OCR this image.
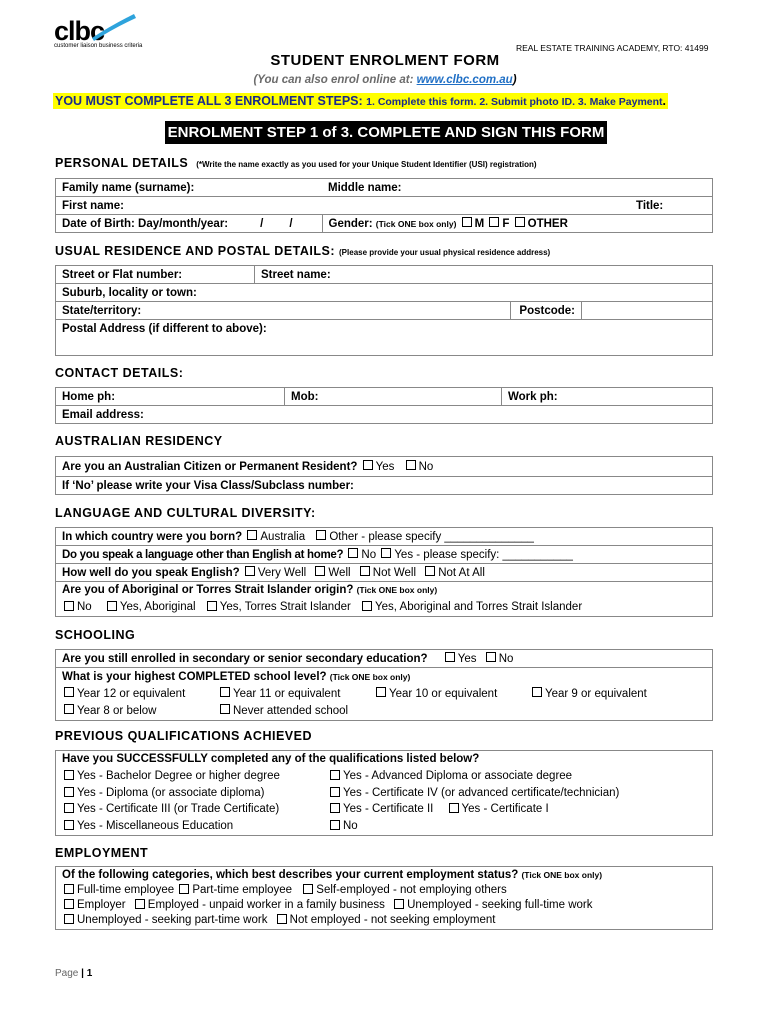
clbc
customer liaison business criteria	REAL ESTATE TRAINING ACADEMY, RTO: 41499
STUDENT ENROLMENT FORM
(You can also enrol online at: www.clbc.com.au)
YOU MUST COMPLETE ALL 3 ENROLMENT STEPS: 1. Complete this form. 2. Submit photo ID. 3. Make Payment.
ENROLMENT STEP 1 of 3. COMPLETE AND SIGN THIS FORM
PERSONAL DETAILS (*Write the name exactly as you used for your Unique Student Identifier (USI) registration)
Family name (surname):	Middle name:	
First name:		Title:
Date of Birth: Day/month/year: / /	Gender: (Tick ONE box only) M F OTHER	
USUAL RESIDENCE AND POSTAL DETAILS: (Please provide your usual physical residence address)
Street or Flat number:	Street name:		
Suburb, locality or town:			
State/territory:		Postcode:	
Postal Address (if different to above):			

CONTACT DETAILS:
Home ph:	Mob:	Work ph:
Email address:
AUSTRALIAN RESIDENCY
Are you an Australian Citizen or Permanent Resident? Yes No
If ‘No’ please write your Visa Class/Subclass number:
LANGUAGE AND CULTURAL DIVERSITY:
In which country were you born? Australia Other - please specify ______________
Do you speak a language other than English at home? No Yes - please specify: ___________
How well do you speak English? Very Well Well Not Well Not At All
Are you of Aboriginal or Torres Strait Islander origin? (Tick ONE box only)
No Yes, Aboriginal Yes, Torres Strait Islander Yes, Aboriginal and Torres Strait Islander
SCHOOLING
Are you still enrolled in secondary or senior secondary education?	Yes No
What is your highest COMPLETED school level? (Tick ONE box only)
Year 12 or equivalent	Year 11 or equivalent	Year 10 or equivalent	Year 9 or equivalent
Year 8 or below	Never attended school
PREVIOUS QUALIFICATIONS ACHIEVED
Have you SUCCESSFULLY completed any of the qualifications listed below?
Yes - Bachelor Degree or higher degree	Yes - Advanced Diploma or associate degree
Yes - Diploma (or associate diploma)	Yes - Certificate IV (or advanced certificate/technician)
Yes - Certificate III (or Trade Certificate)	Yes - Certificate II Yes - Certificate I
Yes - Miscellaneous Education	No
EMPLOYMENT
Of the following categories, which best describes your current employment status? (Tick ONE box only)
Full-time employee Part-time employee Self-employed - not employing others
Employer Employed - unpaid worker in a family business Unemployed - seeking full-time work
Unemployed - seeking part-time work Not employed - not seeking employment
Page | 1
